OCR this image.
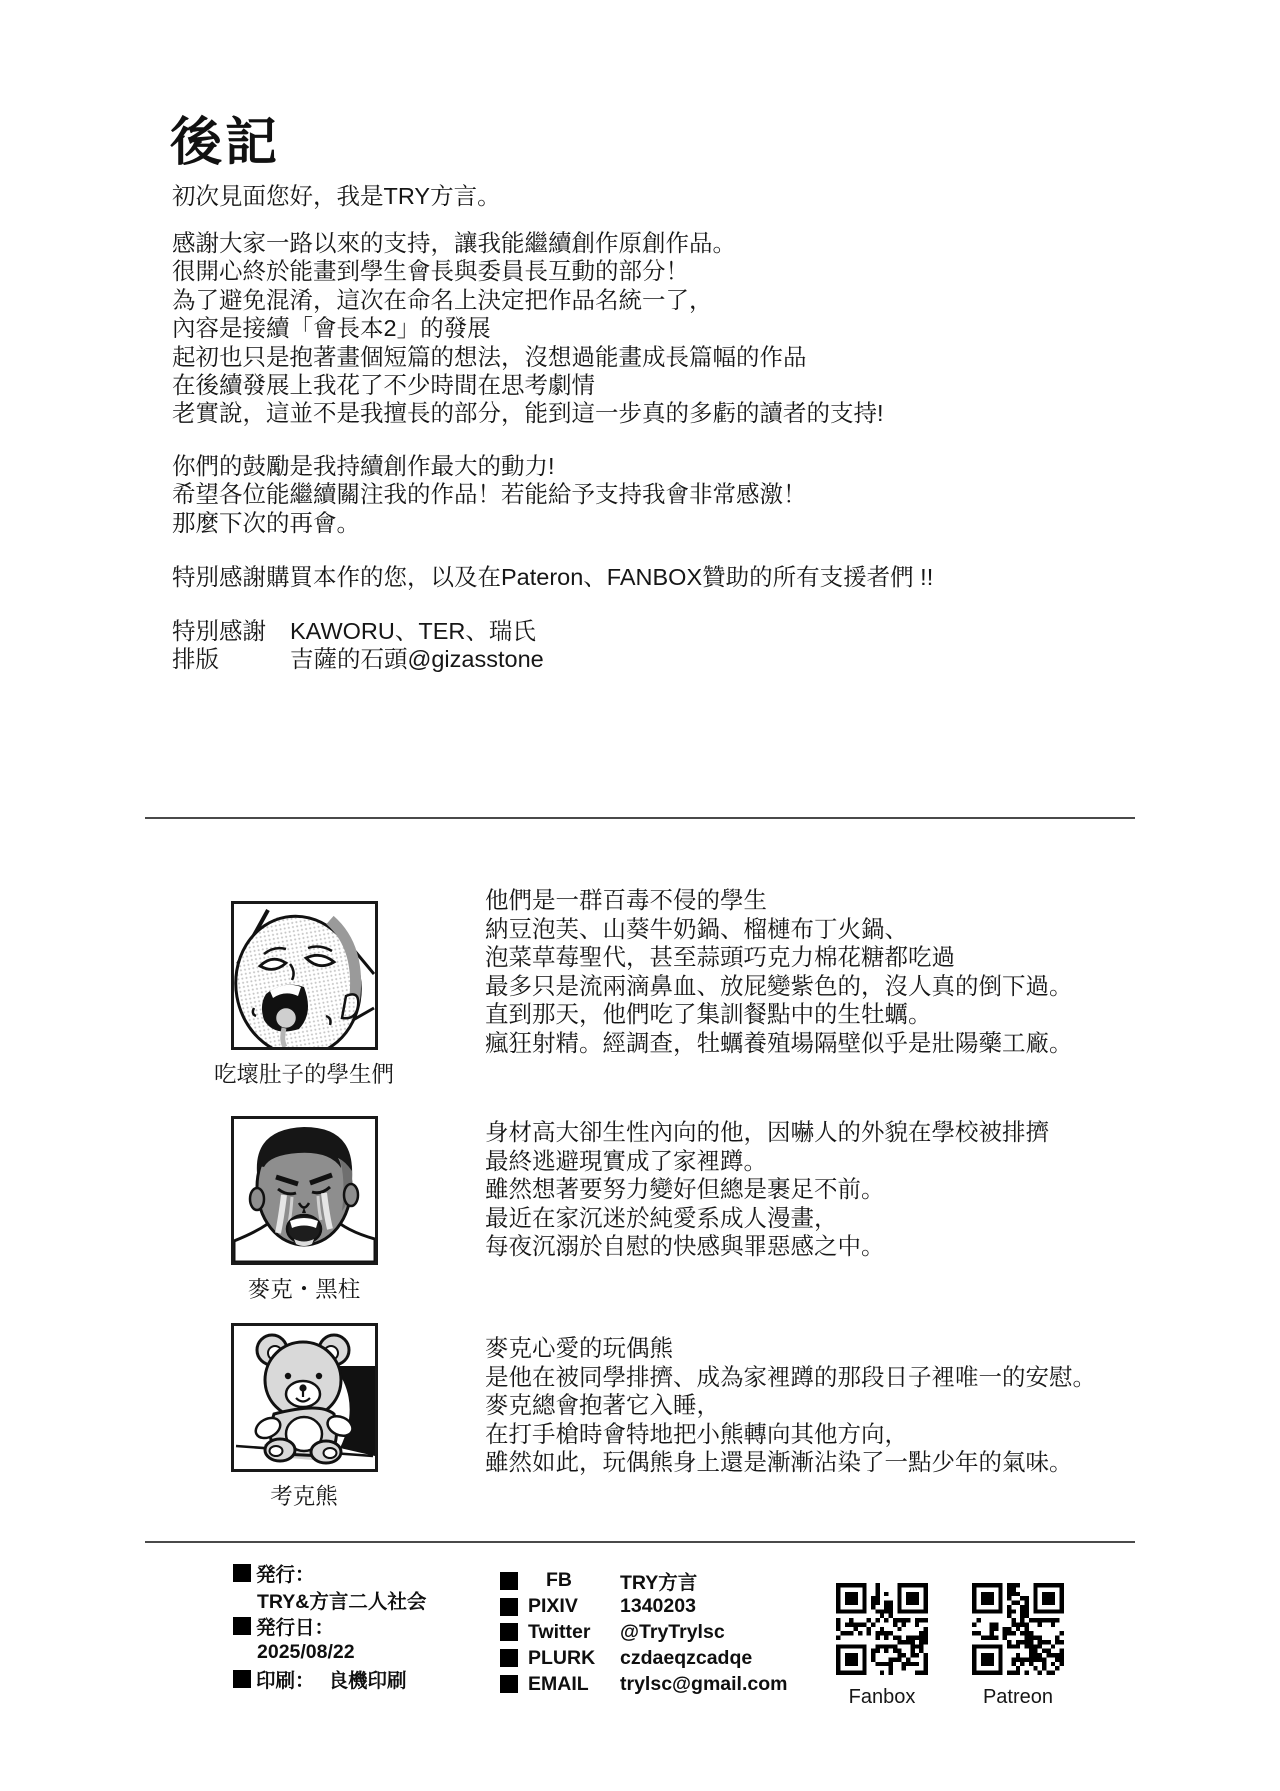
後記
初次見面您好，我是TRY方言。
感謝大家一路以來的支持，讓我能繼續創作原創作品。
很開心終於能畫到學生會長與委員長互動的部分！
為了避免混淆，這次在命名上決定把作品名統一了，
內容是接續「會長本2」的發展
起初也只是抱著畫個短篇的想法，沒想過能畫成長篇幅的作品
在後續發展上我花了不少時間在思考劇情
老實說，這並不是我擅長的部分，能到這一步真的多虧的讀者的支持!
你們的鼓勵是我持續創作最大的動力!
希望各位能繼續關注我的作品！若能給予支持我會非常感激！
那麼下次的再會。
特別感謝購買本作的您，以及在Pateron、FANBOX贊助的所有支援者們 !!
特別感謝	KAWORU、TER、瑞氏
排版	吉薩的石頭@gizasstone
吃壞肚子的學生們
他們是一群百毒不侵的學生
納豆泡芙、山葵牛奶鍋、榴槤布丁火鍋、
泡菜草莓聖代，甚至蒜頭巧克力棉花糖都吃過
最多只是流兩滴鼻血、放屁變紫色的，沒人真的倒下過。
直到那天，他們吃了集訓餐點中的生牡蠣。
瘋狂射精。經調查，牡蠣養殖場隔壁似乎是壯陽藥工廠。
麥克・黑柱
身材高大卻生性內向的他，因嚇人的外貌在學校被排擠
最終逃避現實成了家裡蹲。
雖然想著要努力變好但總是裹足不前。
最近在家沉迷於純愛系成人漫畫，
每夜沉溺於自慰的快感與罪惡感之中。
考克熊
麥克心愛的玩偶熊
是他在被同學排擠、成為家裡蹲的那段日子裡唯一的安慰。
麥克總會抱著它入睡，
在打手槍時會特地把小熊轉向其他方向，
雖然如此，玩偶熊身上還是漸漸沾染了一點少年的氣味。
発行：
TRY&方言二人社会
発行日：
2025/08/22
印刷： 良機印刷
FB	TRY方言
PIXIV	1340203
Twitter	@TryTrylsc
PLURK	czdaeqzcadqe
EMAIL	trylsc@gmail.com
Fanbox	Patreon
